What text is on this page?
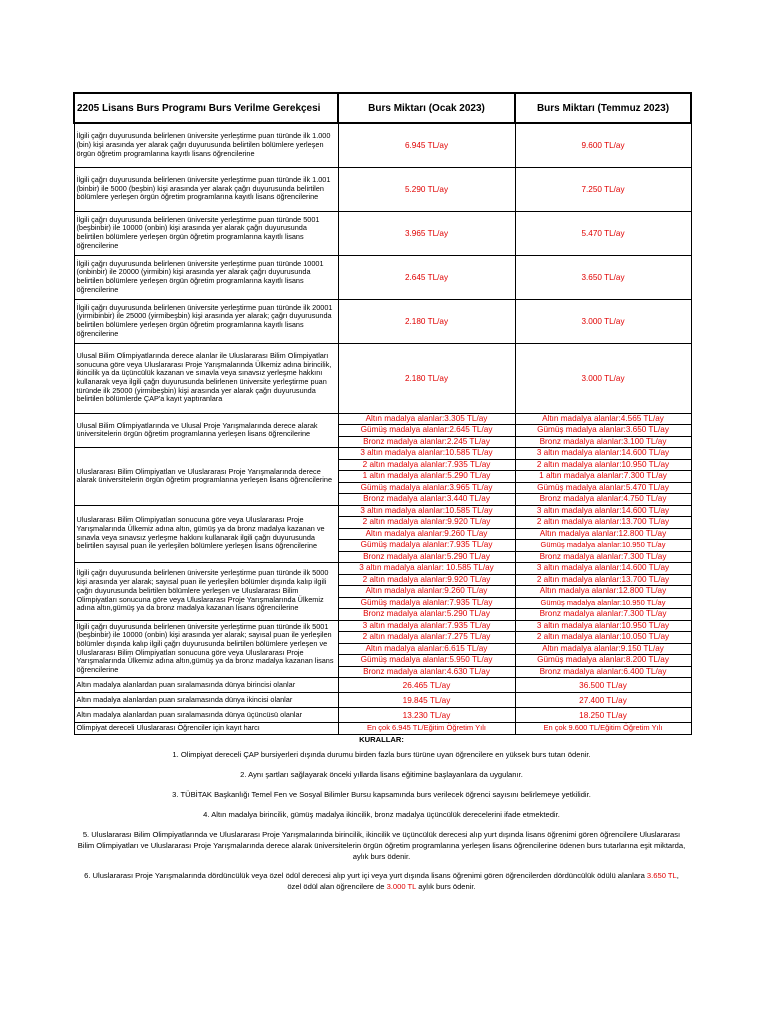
2205 Lisans Burs Programı Burs Verilme Gerekçesi	Burs Miktarı (Ocak 2023)	Burs Miktarı (Temmuz 2023)
İlgili çağrı duyurusunda belirlenen üniversite yerleştirme puan türünde ilk 1.000 (bin) kişi arasında yer alarak çağrı duyurusunda belirtilen bölümlere yerleşen örgün öğretim programlarına kayıtlı lisans öğrencilerine	6.945 TL/ay	9.600 TL/ay
İlgili çağrı duyurusunda belirlenen üniversite yerleştirme puan türünde ilk 1.001 (binbir) ile 5000 (beşbin) kişi arasında yer alarak çağrı duyurusunda belirtilen bölümlere yerleşen örgün öğretim programlarına kayıtlı lisans öğrencilerine	5.290 TL/ay	7.250 TL/ay
İlgili çağrı duyurusunda belirlenen üniversite yerleştirme puan türünde 5001 (beşbinbir) ile 10000 (onbin) kişi arasında yer alarak çağrı duyurusunda belirtilen bölümlere yerleşen örgün öğretim programlarına kayıtlı lisans öğrencilerine	3.965 TL/ay	5.470 TL/ay
İlgili çağrı duyurusunda belirlenen üniversite yerleştirme puan türünde 10001 (onbinbir) ile 20000 (yirmibin) kişi arasında yer alarak çağrı duyurusunda belirtilen bölümlere yerleşen örgün öğretim programlarına kayıtlı lisans öğrencilerine	2.645 TL/ay	3.650 TL/ay
İlgili çağrı duyurusunda belirlenen üniversite yerleştirme puan türünde ilk 20001 (yirmibinbir) ile 25000 (yirmibeşbin) kişi arasında yer alarak; çağrı duyurusunda belirtilen bölümlere yerleşen örgün öğretim programlarına kayıtlı lisans öğrencilerine	2.180 TL/ay	3.000 TL/ay
Ulusal Bilim Olimpiyatlarında derece alanlar ile Uluslararası Bilim Olimpiyatları sonucuna göre veya Uluslararası Proje Yarışmalarında Ülkemiz adına birincilik, ikincilik ya da üçüncülük kazanan ve sınavla veya sınavsız yerleşme hakkını kullanarak veya ilgili çağrı duyurusunda belirlenen üniversite yerleştirme puan türünde ilk 25000 (yirmibeşbin) kişi arasında yer alarak çağrı duyurusunda belirtilen bölümlerde ÇAP'a kayıt yaptıranlara	2.180 TL/ay	3.000 TL/ay
Ulusal Bilim Olimpiyatlarında ve Ulusal Proje Yarışmalarında derece alarak üniversitelerin örgün öğretim programlarına yerleşen lisans öğrencilerine	Altın madalya alanlar:3.305 TL/ay	Altın madalya alanlar:4.565 TL/ay
	Gümüş madalya alanlar:2.645 TL/ay	Gümüş madalya alanlar:3.650 TL/ay
	Bronz madalya alanlar:2.245 TL/ay	Bronz madalya alanlar:3.100 TL/ay
Uluslararası Bilim Olimpiyatları ve Uluslararası Proje Yarışmalarında derece alarak üniversitelerin örgün öğretim programlarına yerleşen lisans öğrencilerine	3 altın madalya alanlar:10.585 TL/ay	3 altın madalya alanlar:14.600 TL/ay
	2 altın madalya alanlar:7.935 TL/ay	2 altın madalya alanlar:10.950 TL/ay
	1 altın madalya alanlar:5.290 TL/ay	1 altın madalya alanlar:7.300 TL/ay
	Gümüş madalya alanlar:3.965 TL/ay	Gümüş madalya alanlar:5.470 TL/ay
	Bronz madalya alanlar:3.440 TL/ay	Bronz madalya alanlar:4.750 TL/ay
Uluslararası Bilim Olimpiyatları sonucuna göre veya Uluslararası Proje Yarışmalarında Ülkemiz adına altın, gümüş ya da bronz madalya kazanan ve sınavla veya sınavsız yerleşme hakkını kullanarak ilgili çağrı duyurusunda belirtilen sayısal puan ile yerleşilen bölümlere yerleşen lisans öğrencilerine	3 altın madalya alanlar:10.585 TL/ay	3 altın madalya alanlar:14.600 TL/ay
	2 altın madalya alanlar:9.920 TL/ay	2 altın madalya alanlar:13.700 TL/ay
	Altın madalya alanlar:9.260 TL/ay	Altın madalya alanlar:12.800 TL/ay
	Gümüş madalya alanlar:7.935 TL/ay	Gümüş madalya alanlar:10.950 TL/ay
	Bronz madalya alanlar:5.290 TL/ay	Bronz madalya alanlar:7.300 TL/ay
İlgili çağrı duyurusunda belirlenen üniversite yerleştirme puan türünde ilk 5000 kişi arasında yer alarak; sayısal puan ile yerleşilen bölümler dışında kalıp ilgili çağrı duyurusunda belirtilen bölümlere yerleşen ve Uluslararası Bilim Olimpiyatları sonucuna göre veya Uluslararası Proje Yarışmalarında Ülkemiz adına altın,gümüş ya da bronz madalya kazanan lisans öğrencilerine	3 altın madalya alanlar: 10.585 TL/ay	3 altın madalya alanlar:14.600 TL/ay
	2 altın madalya alanlar:9.920 TL/ay	2 altın madalya alanlar:13.700 TL/ay
	Altın madalya alanlar:9.260 TL/ay	Altın madalya alanlar:12.800 TL/ay
	Gümüş madalya alanlar:7.935 TL/ay	Gümüş madalya alanlar:10.950 TL/ay
	Bronz madalya alanlar:5.290 TL/ay	Bronz madalya alanlar:7.300 TL/ay
İlgili çağrı duyurusunda belirlenen üniversite yerleştirme puan türünde ilk 5001 (beşbinbir) ile 10000 (onbin) kişi arasında yer alarak; sayısal puan ile yerleşilen bölümler dışında kalıp ilgili çağrı duyurusunda belirtilen bölümlere yerleşen ve Uluslararası Bilim Olimpiyatları sonucuna göre veya Uluslararası Proje Yarışmalarında Ülkemiz adına altın,gümüş ya da bronz madalya kazanan lisans öğrencilerine	3 altın madalya alanlar:7.935 TL/ay	3 altın madalya alanlar:10.950 TL/ay
	2 altın madalya alanlar:7.275 TL/ay	2 altın madalya alanlar:10.050 TL/ay
	Altın madalya alanlar:6.615 TL/ay	Altın madalya alanlar:9.150 TL/ay
	Gümüş madalya alanlar:5.950 TL/ay	Gümüş madalya alanlar:8.200 TL/ay
	Bronz madalya alanlar:4.630 TL/ay	Bronz madalya alanlar:6.400 TL/ay
Altın madalya alanlardan puan sıralamasında dünya birincisi olanlar	26.465 TL/ay	36.500 TL/ay
Altın madalya alanlardan puan sıralamasında dünya ikincisi olanlar	19.845 TL/ay	27.400 TL/ay
Altın madalya alanlardan puan sıralamasında dünya üçüncüsü olanlar	13.230 TL/ay	18.250 TL/ay
Olimpiyat dereceli Uluslararası Öğrenciler için kayıt harcı	En çok 6.945 TL/Eğitim Öğretim Yılı	En çok 9.600 TL/Eğitim Öğretim Yılı
KURALLAR:

1. Olimpiyat dereceli ÇAP bursiyerleri dışında durumu birden fazla burs türüne uyan öğrencilere en yüksek burs tutarı ödenir.

2. Aynı şartları sağlayarak önceki yıllarda lisans eğitimine başlayanlara da uygulanır.

3. TÜBİTAK Başkanlığı Temel Fen ve Sosyal Bilimler Bursu kapsamında burs verilecek öğrenci sayısını belirlemeye yetkilidir.

4. Altın madalya birincilik, gümüş madalya ikincilik, bronz madalya üçüncülük derecelerini ifade etmektedir.

5. Uluslararası Bilim Olimpiyatlarında ve Uluslararası Proje Yarışmalarında birincilik, ikincilik ve üçüncülük derecesi alıp yurt dışında lisans öğrenimi gören öğrencilere Uluslararası Bilim Olimpiyatları ve Uluslararası Proje Yarışmalarında derece alarak üniversitelerin örgün öğretim programlarına yerleşen lisans öğrencilerine ödenen burs tutarlarına eşit miktarda, aylık burs ödenir.

6. Uluslararası Proje Yarışmalarında dördüncülük veya özel ödül derecesi alıp yurt içi veya yurt dışında lisans öğrenimi gören öğrencilerden dördüncülük ödülü alanlara 3.650 TL, özel ödül alan öğrencilere de 3.000 TL aylık burs ödenir.
